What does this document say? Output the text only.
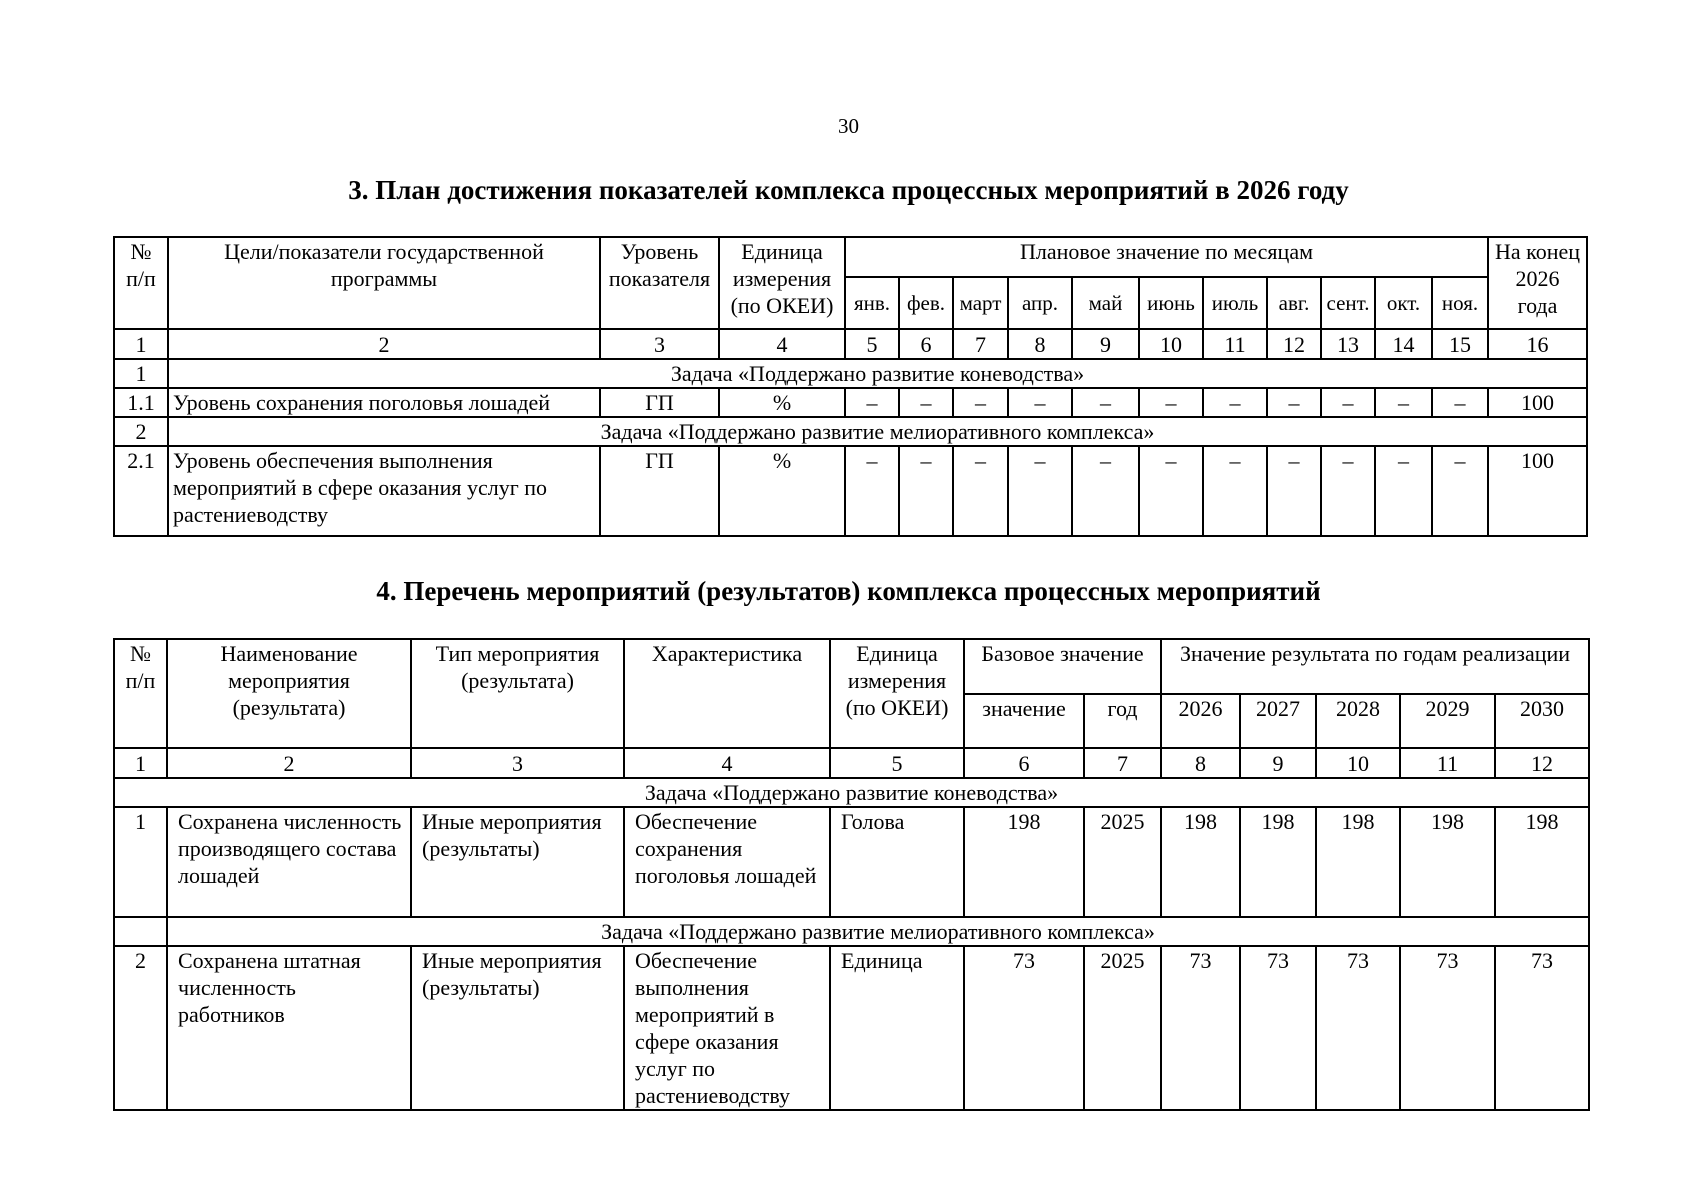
30
3. План достижения показателей комплекса процессных мероприятий в 2026 году
№ п/п	Цели/показатели государственной программы	Уровень показателя	Единица измерения (по ОКЕИ)	Плановое значение по месяцам											На конец 2026 года
				янв.	фев.	март	апр.	май	июнь	июль	авг.	сент.	окт.	ноя.	
1	2	3	4	5	6	7	8	9	10	11	12	13	14	15	16
1	Задача «Поддержано развитие коневодства»														
1.1	Уровень сохранения поголовья лошадей	ГП	%	–	–	–	–	–	–	–	–	–	–	–	100
2	Задача «Поддержано развитие мелиоративного комплекса»														
2.1	Уровень обеспечения выполнения мероприятий в сфере оказания услуг по растениеводству	ГП	%	–	–	–	–	–	–	–	–	–	–	–	100
4. Перечень мероприятий (результатов) комплекса процессных мероприятий
№ п/п	Наименование мероприятия (результата)	Тип мероприятия (результата)	Характеристика	Единица измерения (по ОКЕИ)	Базовое значение		Значение результата по годам реализации				
					значение	год	2026	2027	2028	2029	2030
1	2	3	4	5	6	7	8	9	10	11	12
Задача «Поддержано развитие коневодства»											
1	Сохранена численность производящего состава лошадей	Иные мероприятия (результаты)	Обеспечение сохранения поголовья лошадей	Голова	198	2025	198	198	198	198	198
	Задача «Поддержано развитие мелиоративного комплекса»										
2	Сохранена штатная численность работников	Иные мероприятия (результаты)	Обеспечение выполнения мероприятий в сфере оказания услуг по растениеводству	Единица	73	2025	73	73	73	73	73
